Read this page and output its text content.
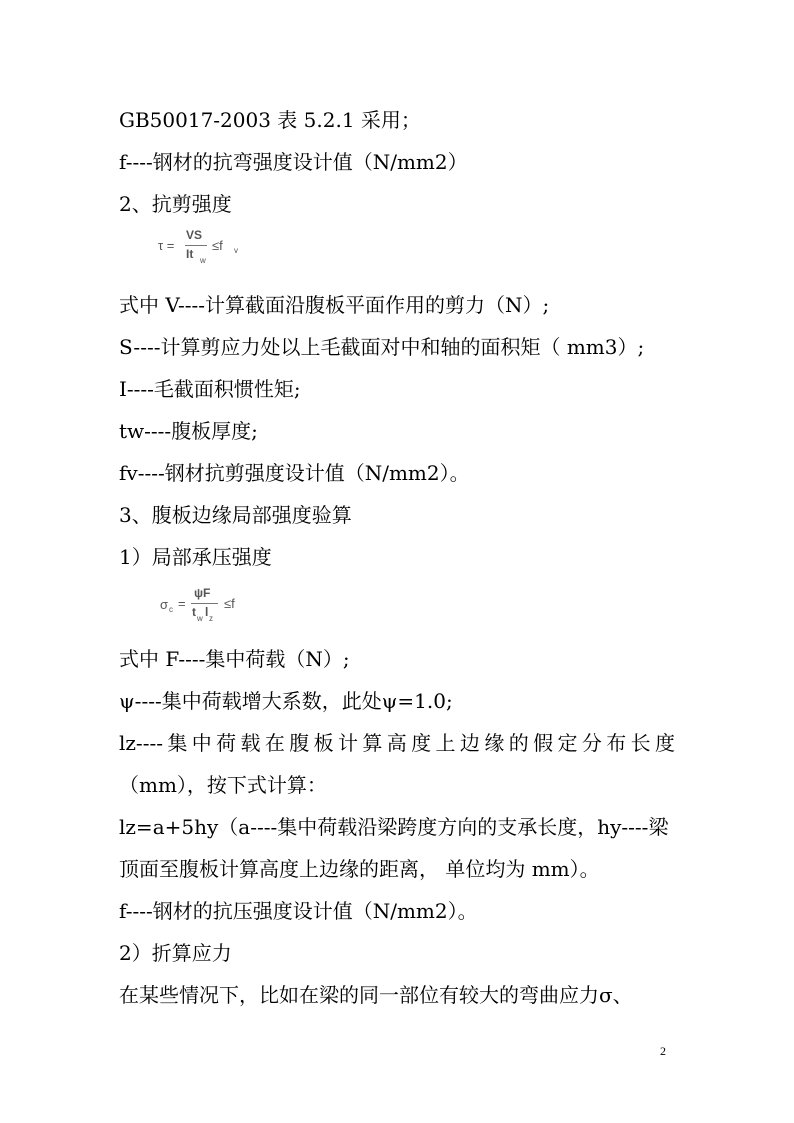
GB50017-2003 表 5.2.1 采用；

f----钢材的抗弯强度设计值（N/mm2）

2、抗剪强度

τ =
VS
It w
≤f v

式中 V----计算截面沿腹板平面作用的剪力（N）;

S----计算剪应力处以上毛截面对中和轴的面积矩（ mm3）;

I----毛截面积惯性矩;

tw----腹板厚度;

fv----钢材抗剪强度设计值（N/mm2）。

3、腹板边缘局部强度验算

1）局部承压强度

σ c =
ψF
t w l z
≤f

式中 F----集中荷载（N）;

ψ----集中荷载增大系数，此处ψ=1.0;

lz----集中荷载在腹板计算高度上边缘的假定分布长度

（mm），按下式计算：

lz=a+5hy（a----集中荷载沿梁跨度方向的支承长度，hy----梁

顶面至腹板计算高度上边缘的距离， 单位均为 mm）。

f----钢材的抗压强度设计值（N/mm2）。

2）折算应力

在某些情况下，比如在梁的同一部位有较大的弯曲应力σ、

2
